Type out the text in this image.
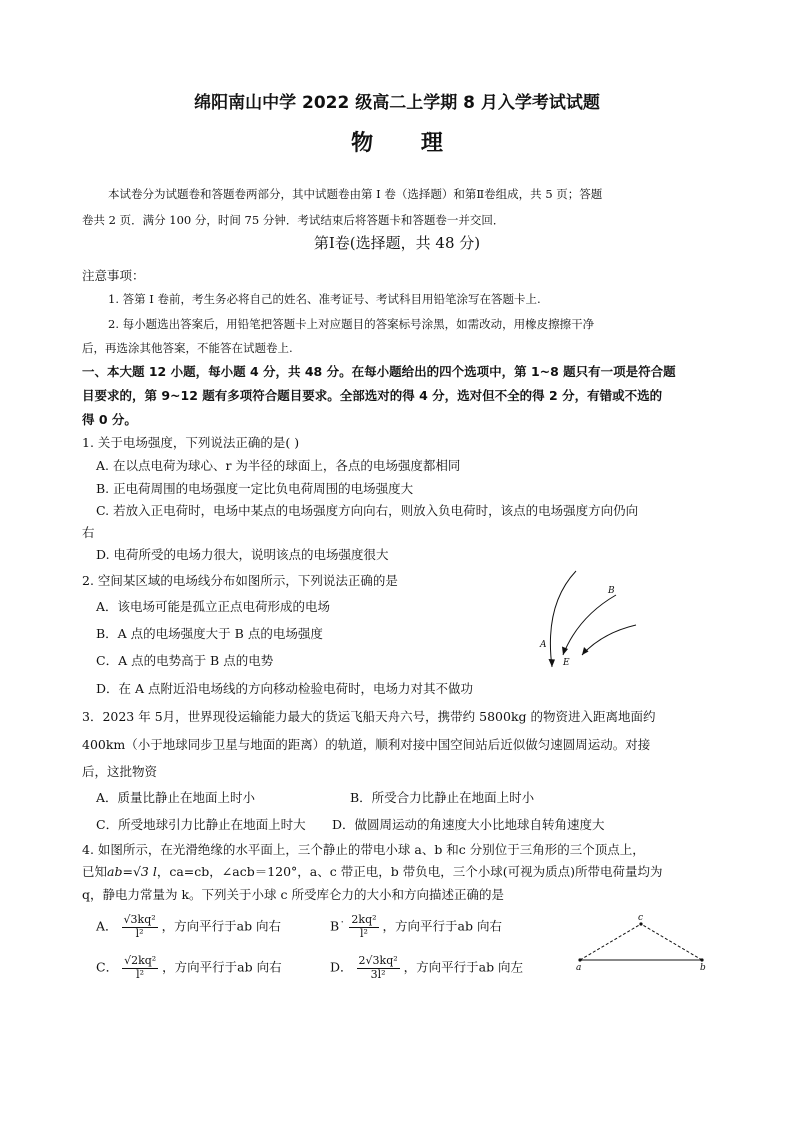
绵阳南山中学 2022 级高二上学期 8 月入学考试试题
物 理
本试卷分为试题卷和答题卷两部分，其中试题卷由第 Ⅰ 卷（选择题）和第Ⅱ卷组成，共 5 页；答题
卷共 2 页．满分 100 分，时间 75 分钟．考试结束后将答题卡和答题卷一并交回．
第Ⅰ卷(选择题，共 48 分)
注意事项：
1. 答第 Ⅰ 卷前，考生务必将自己的姓名、准考证号、考试科目用铅笔涂写在答题卡上.
2. 每小题选出答案后，用铅笔把答题卡上对应题目的答案标号涂黑，如需改动，用橡皮擦擦干净
后，再选涂其他答案，不能答在试题卷上.
一、本大题 12 小题，每小题 4 分，共 48 分。在每小题给出的四个选项中，第 1~8 题只有一项是符合题
目要求的，第 9~12 题有多项符合题目要求。全部选对的得 4 分，选对但不全的得 2 分，有错或不选的
得 0 分。
1. 关于电场强度，下列说法正确的是( )
A. 在以点电荷为球心、r 为半径的球面上，各点的电场强度都相同
B. 正电荷周围的电场强度一定比负电荷周围的电场强度大
C. 若放入正电荷时，电场中某点的电场强度方向向右，则放入负电荷时，该点的电场强度方向仍向
右
D. 电荷所受的电场力很大，说明该点的电场强度很大
2. 空间某区域的电场线分布如图所示，下列说法正确的是
A．该电场可能是孤立正点电荷形成的电场
B．A 点的电场强度大于 B 点的电场强度
C．A 点的电势高于 B 点的电势
D．在 A 点附近沿电场线的方向移动检验电荷时，电场力对其不做功
B
A
E
3．2023 年 5月，世界现役运输能力最大的货运飞船天舟六号，携带约 5800kg 的物资进入距离地面约
400km（小于地球同步卫星与地面的距离）的轨道，顺利对接中国空间站后近似做匀速圆周运动。对接
后，这批物资
A．质量比静止在地面上时小	B．所受合力比静止在地面上时小
C．所受地球引力比静止在地面上时大 D．做圆周运动的角速度大小比地球自转角速度大
4. 如图所示，在光滑绝缘的水平面上，三个静止的带电小球 a、b 和c 分别位于三角形的三个顶点上，
已知ab=√3 l，ca=cb，∠acb＝120°，a、c 带正电，b 带负电，三个小球(可视为质点)所带电荷量均为
q，静电力常量为 k。下列关于小球 c 所受库仑力的大小和方向描述正确的是
A． $\frac{\text{√3kq²}}{\text{l²}}$ ，方向平行于ab 向右	B˙ $\frac{\text{2kq²}}{\text{l²}}$ ，方向平行于ab 向右
C． $\frac{\text{√2kq²}}{\text{l²}}$ ，方向平行于ab 向右	D． $\frac{\text{2√3kq²}}{\text{3l²}}$ ，方向平行于ab 向左
c
a	b
